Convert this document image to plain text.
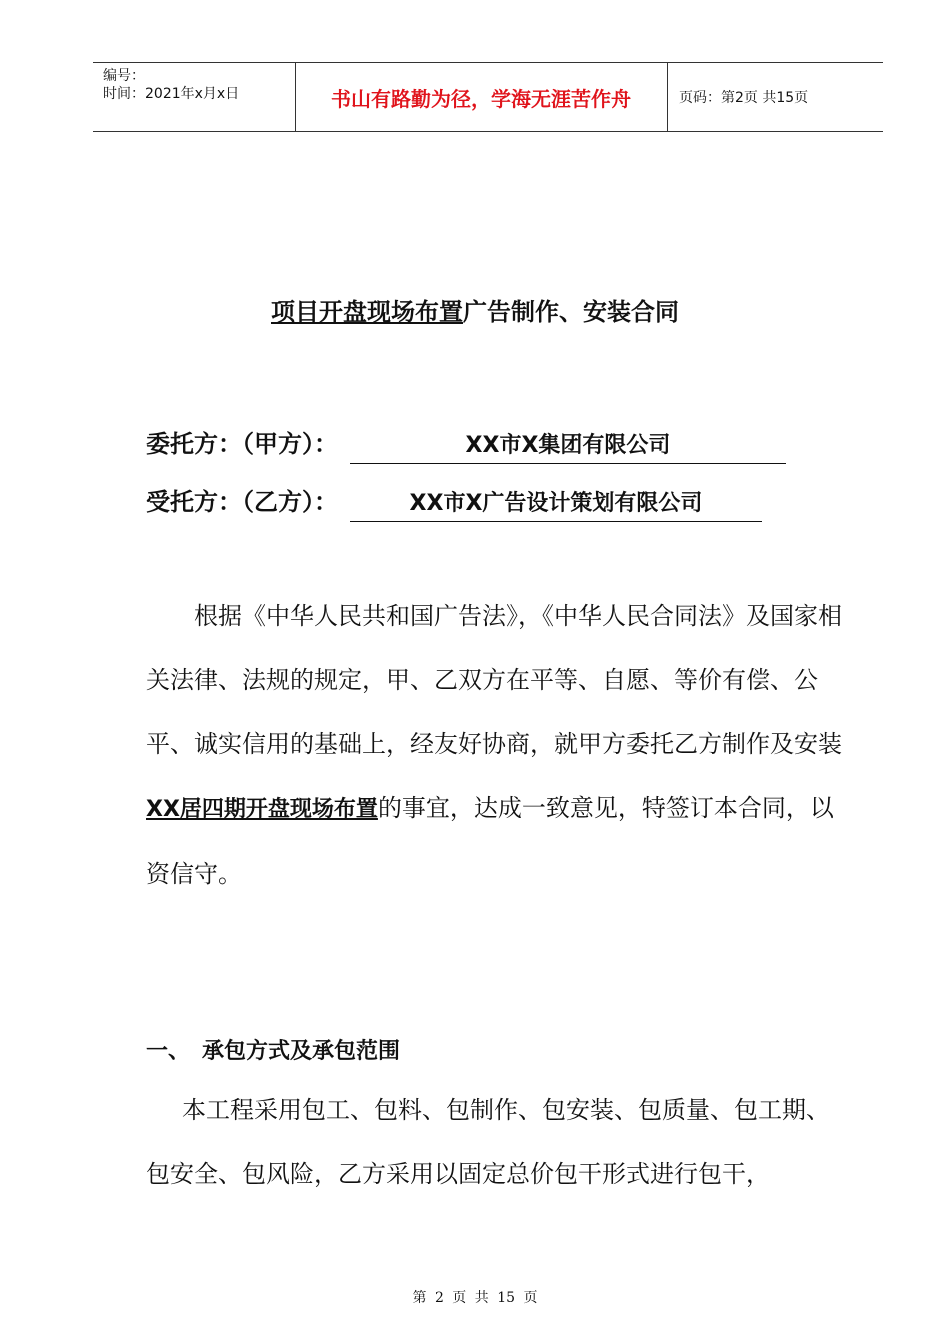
编号：
时间：2021年x月x日	书山有路勤为径，学海无涯苦作舟	页码：第2页 共15页
项目开盘现场布置广告制作、安装合同
委托方：（甲方）：	XX市X集团有限公司
受托方：（乙方）：	XX市X广告设计策划有限公司

根据《中华人民共和国广告法》，《中华人民合同法》及国家相关法律、法规的规定，甲、乙双方在平等、自愿、等价有偿、公平、诚实信用的基础上，经友好协商，就甲方委托乙方制作及安装XX居四期开盘现场布置的事宜，达成一致意见，特签订本合同，以资信守。

一、 承包方式及承包范围

本工程采用包工、包料、包制作、包安装、包质量、包工期、包安全、包风险，乙方采用以固定总价包干形式进行包干，

第 2 页 共 15 页
